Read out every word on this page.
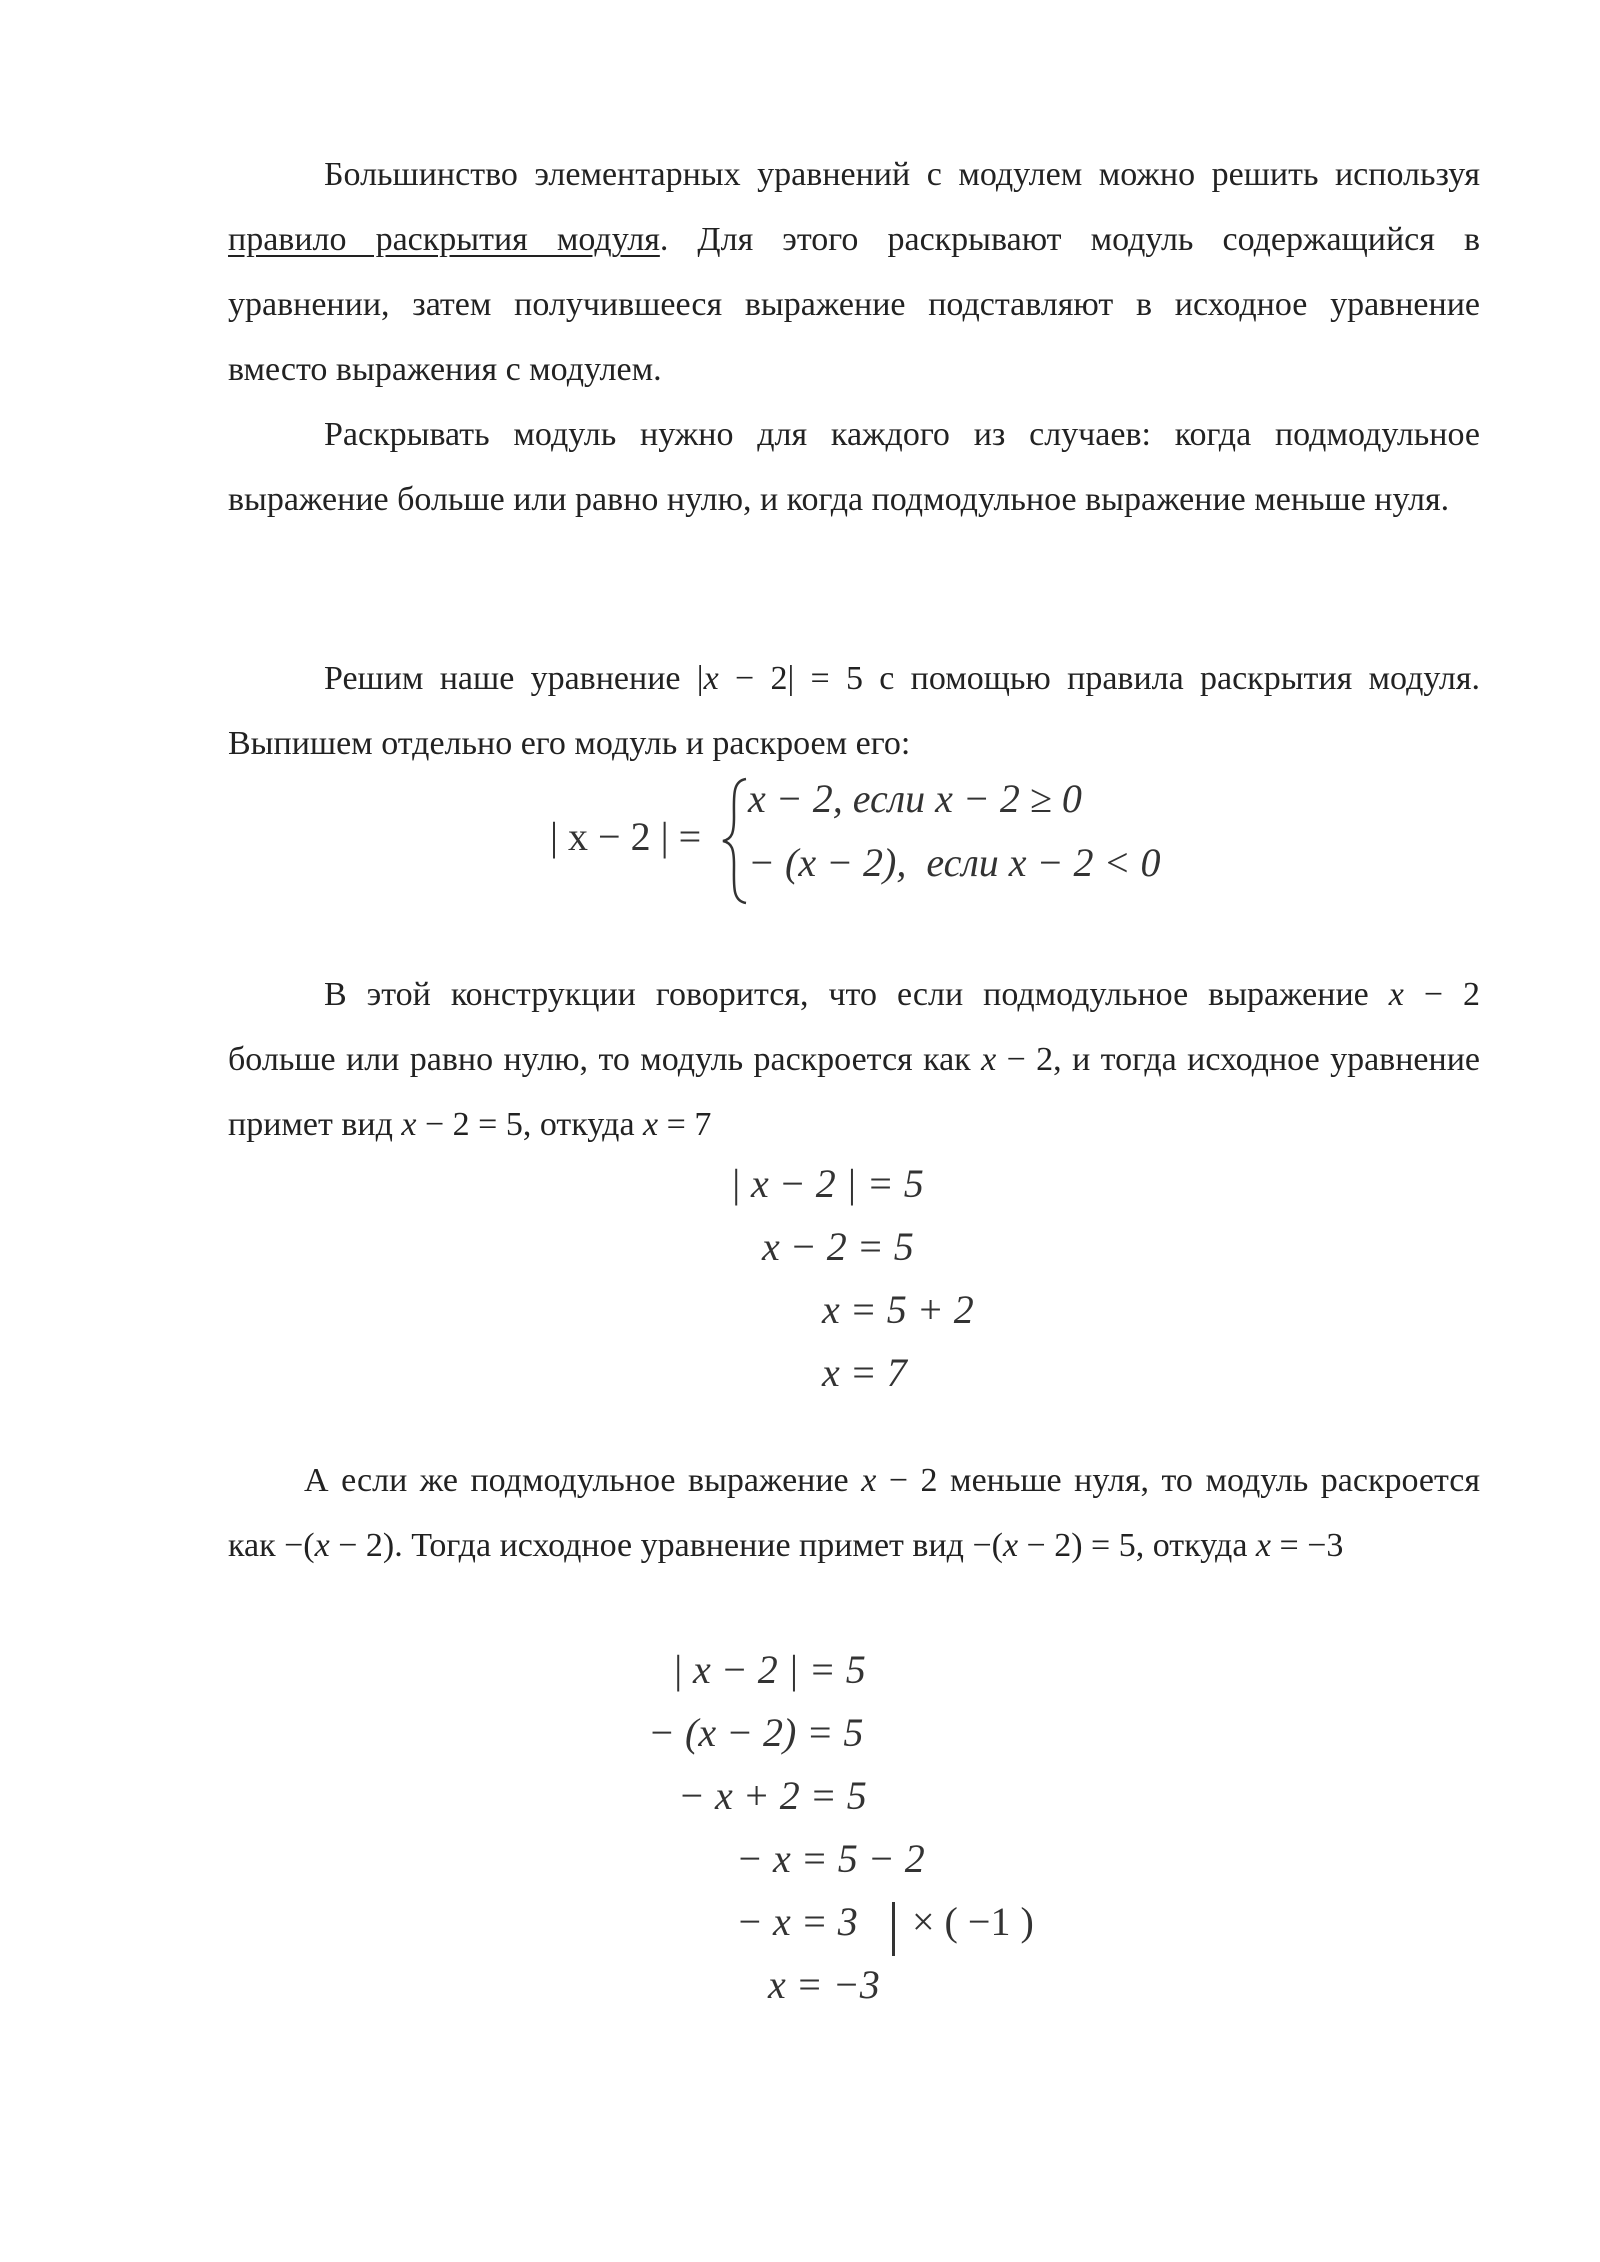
Большинство элементарных уравнений с модулем можно решить используя правило раскрытия модуля. Для этого раскрывают модуль содержащийся в уравнении, затем получившееся выражение подставляют в исходное уравнение вместо выражения с модулем.

Раскрывать модуль нужно для каждого из случаев: когда подмодульное выражение больше или равно нулю, и когда подмодульное выражение меньше нуля.

Решим наше уравнение |x − 2| = 5 с помощью правила раскрытия модуля. Выпишем отдельно его модуль и раскроем его:

| x − 2 | =
x − 2, если x − 2 ≥ 0
− (x − 2),  если x − 2 < 0

В этой конструкции говорится, что если подмодульное выражение x − 2 больше или равно нулю, то модуль раскроется как x − 2, и тогда исходное уравнение примет вид x − 2 = 5, откуда x = 7

| x − 2 | = 5
x − 2 = 5
x = 5 + 2
x = 7

А если же подмодульное выражение x − 2 меньше нуля, то модуль раскроется как −(x − 2). Тогда исходное уравнение примет вид −(x − 2) = 5, откуда x = −3

| x − 2 | = 5
− (x − 2) = 5
− x + 2 = 5
− x = 5 − 2
− x = 3 × ( −1 )
x = −3
